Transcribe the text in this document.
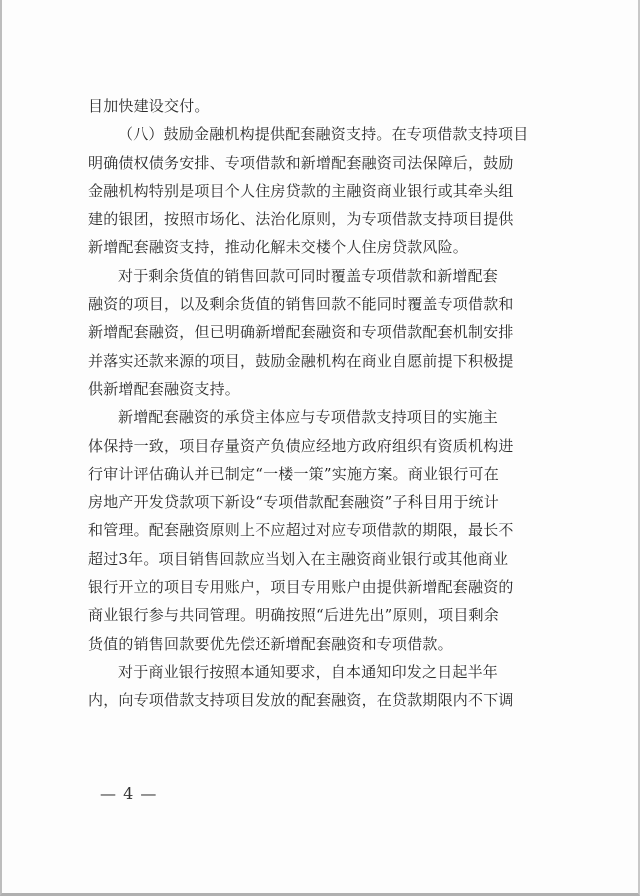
目加快建设交付。
（八）鼓励金融机构提供配套融资支持。在专项借款支持项目
明确债权债务安排、专项借款和新增配套融资司法保障后，鼓励
金融机构特别是项目个人住房贷款的主融资商业银行或其牵头组
建的银团，按照市场化、法治化原则，为专项借款支持项目提供
新增配套融资支持，推动化解未交楼个人住房贷款风险。
对于剩余货值的销售回款可同时覆盖专项借款和新增配套
融资的项目，以及剩余货值的销售回款不能同时覆盖专项借款和
新增配套融资，但已明确新增配套融资和专项借款配套机制安排
并落实还款来源的项目，鼓励金融机构在商业自愿前提下积极提
供新增配套融资支持。
新增配套融资的承贷主体应与专项借款支持项目的实施主
体保持一致，项目存量资产负债应经地方政府组织有资质机构进
行审计评估确认并已制定“一楼一策”实施方案。商业银行可在
房地产开发贷款项下新设“专项借款配套融资”子科目用于统计
和管理。配套融资原则上不应超过对应专项借款的期限，最长不
超过3年。项目销售回款应当划入在主融资商业银行或其他商业
银行开立的项目专用账户，项目专用账户由提供新增配套融资的
商业银行参与共同管理。明确按照“后进先出”原则，项目剩余
货值的销售回款要优先偿还新增配套融资和专项借款。
对于商业银行按照本通知要求，自本通知印发之日起半年
内，向专项借款支持项目发放的配套融资，在贷款期限内不下调
— 4 —
